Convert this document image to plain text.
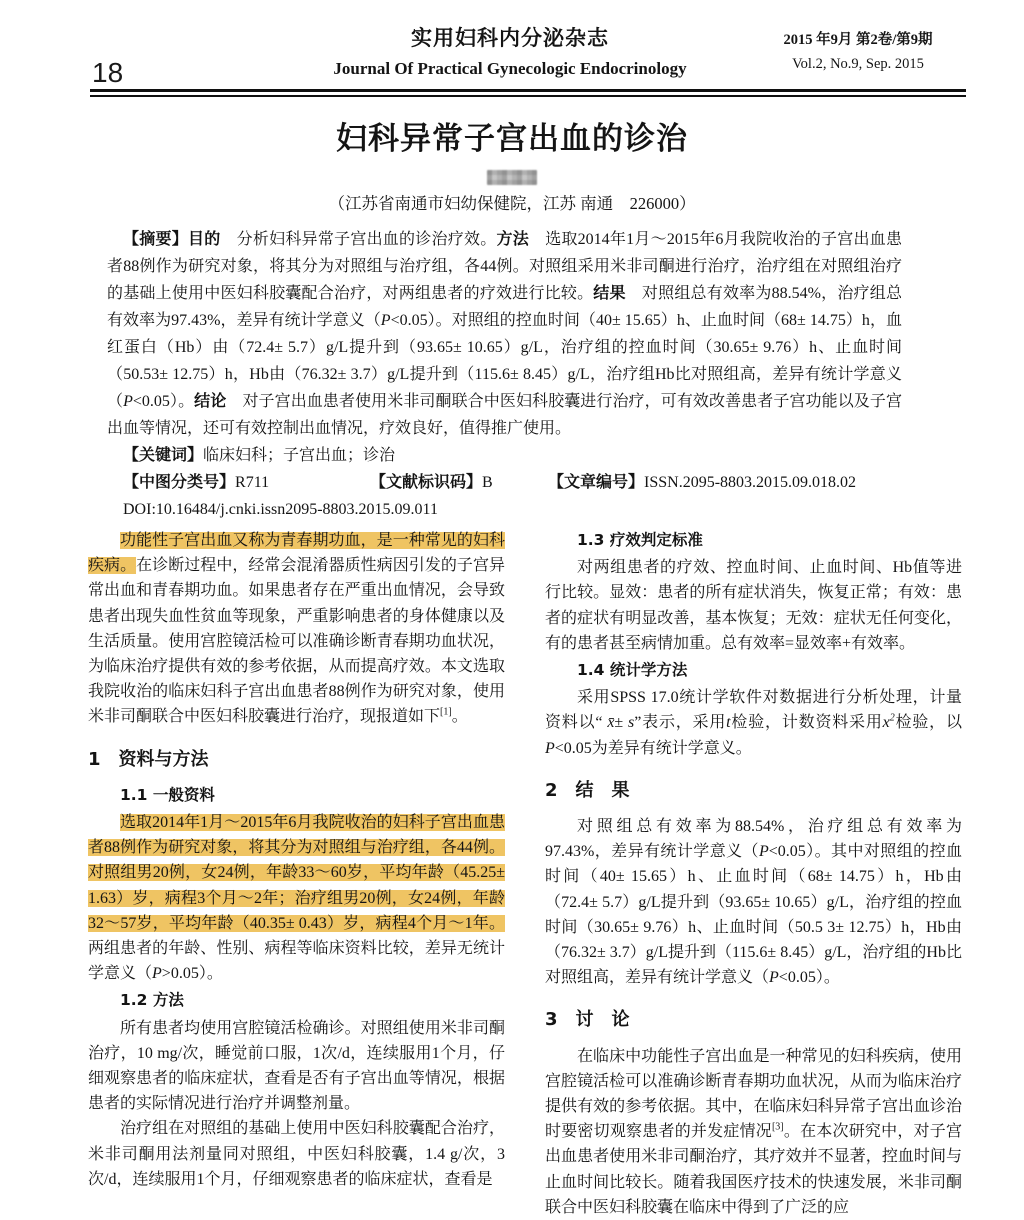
18
实用妇科内分泌杂志
Journal Of Practical Gynecologic Endocrinology
2015 年9月 第2卷/第9期
Vol.2, No.9, Sep. 2015
妇科异常子宫出血的诊治
（江苏省南通市妇幼保健院，江苏 南通　226000）
【摘要】目的　分析妇科异常子宫出血的诊治疗效。方法　选取2014年1月～2015年6月我院收治的子宫出血患者88例作为研究对象，将其分为对照组与治疗组，各44例。对照组采用米非司酮进行治疗，治疗组在对照组治疗的基础上使用中医妇科胶囊配合治疗，对两组患者的疗效进行比较。结果　对照组总有效率为88.54%，治疗组总有效率为97.43%，差异有统计学意义（P<0.05）。对照组的控血时间（40± 15.65）h、止血时间（68± 14.75）h，血红蛋白（Hb）由（72.4± 5.7）g/L提升到（93.65± 10.65）g/L，治疗组的控血时间（30.65± 9.76）h、止血时间（50.53± 12.75）h，Hb由（76.32± 3.7）g/L提升到（115.6± 8.45）g/L，治疗组Hb比对照组高，差异有统计学意义（P<0.05）。结论　对子宫出血患者使用米非司酮联合中医妇科胶囊进行治疗，可有效改善患者子宫功能以及子宫出血等情况，还可有效控制出血情况，疗效良好，值得推广使用。
【关键词】临床妇科；子宫出血；诊治
【中图分类号】R711	【文献标识码】B	【文章编号】ISSN.2095-8803.2015.09.018.02
DOI:10.16484/j.cnki.issn2095-8803.2015.09.011

功能性子宫出血又称为青春期功血，是一种常见的妇科疾病。在诊断过程中，经常会混淆器质性病因引发的子宫异常出血和青春期功血。如果患者存在严重出血情况，会导致患者出现失血性贫血等现象，严重影响患者的身体健康以及生活质量。使用宫腔镜活检可以准确诊断青春期功血状况，为临床治疗提供有效的参考依据，从而提高疗效。本文选取我院收治的临床妇科子宫出血患者88例作为研究对象，使用米非司酮联合中医妇科胶囊进行治疗，现报道如下[1]。

1　资料与方法
1.1 一般资料

选取2014年1月～2015年6月我院收治的妇科子宫出血患者88例作为研究对象，将其分为对照组与治疗组，各44例。对照组男20例，女24例，年龄33～60岁，平均年龄（45.25± 1.63）岁，病程3个月～2年；治疗组男20例，女24例，年龄32～57岁，平均年龄（40.35± 0.43）岁，病程4个月～1年。两组患者的年龄、性别、病程等临床资料比较，差异无统计学意义（P>0.05）。

1.2 方法

所有患者均使用宫腔镜活检确诊。对照组使用米非司酮治疗，10 mg/次，睡觉前口服，1次/d，连续服用1个月，仔细观察患者的临床症状，查看是否有子宫出血等情况，根据患者的实际情况进行治疗并调整剂量。

治疗组在对照组的基础上使用中医妇科胶囊配合治疗，米非司酮用法剂量同对照组，中医妇科胶囊，1.4 g/次，3次/d，连续服用1个月，仔细观察患者的临床症状，查看是

1.3 疗效判定标准

对两组患者的疗效、控血时间、止血时间、Hb值等进行比较。显效：患者的所有症状消失，恢复正常；有效：患者的症状有明显改善，基本恢复；无效：症状无任何变化，有的患者甚至病情加重。总有效率=显效率+有效率。

1.4 统计学方法

采用SPSS 17.0统计学软件对数据进行分析处理，计量资料以“ x̄± s”表示，采用t检验，计数资料采用$x^2$检验，以P<0.05为差异有统计学意义。

2　结　果

对照组总有效率为88.54%，治疗组总有效率为97.43%，差异有统计学意义（P<0.05）。其中对照组的控血时间（40± 15.65）h、止血时间（68± 14.75）h，Hb由（72.4± 5.7）g/L提升到（93.65± 10.65）g/L，治疗组的控血时间（30.65± 9.76）h、止血时间（50.5 3± 12.75）h，Hb由（76.32± 3.7）g/L提升到（115.6± 8.45）g/L，治疗组的Hb比对照组高，差异有统计学意义（P<0.05）。

3　讨　论

在临床中功能性子宫出血是一种常见的妇科疾病，使用宫腔镜活检可以准确诊断青春期功血状况，从而为临床治疗提供有效的参考依据。其中，在临床妇科异常子宫出血诊治时要密切观察患者的并发症情况[3]。在本次研究中，对子宫出血患者使用米非司酮治疗，其疗效并不显著，控血时间与止血时间比较长。随着我国医疗技术的快速发展，米非司酮联合中医妇科胶囊在临床中得到了广泛的应
